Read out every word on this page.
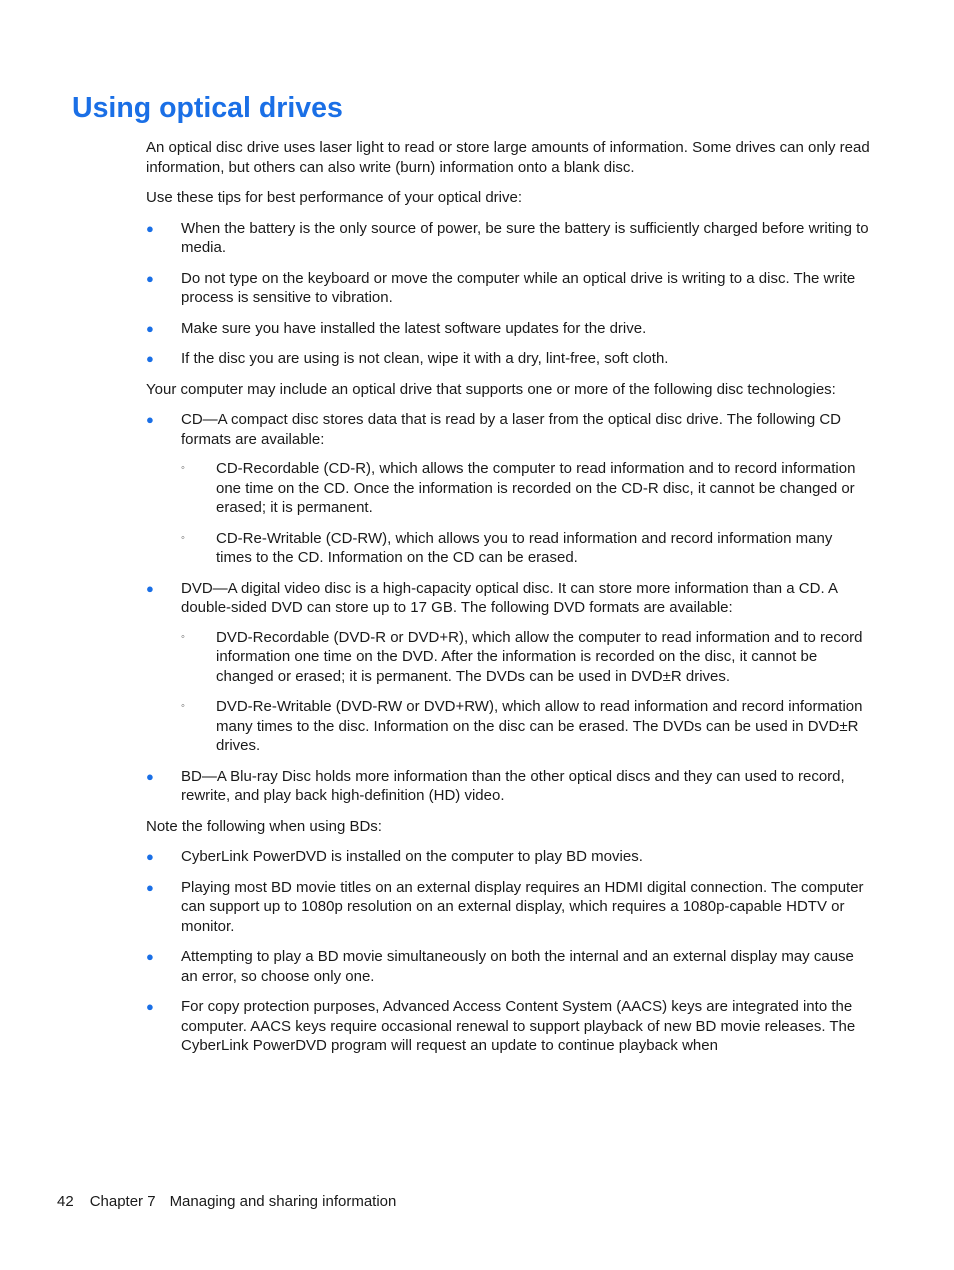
Using optical drives

An optical disc drive uses laser light to read or store large amounts of information. Some drives can only read information, but others can also write (burn) information onto a blank disc.

Use these tips for best performance of your optical drive:

● When the battery is the only source of power, be sure the battery is sufficiently charged before writing to media.
● Do not type on the keyboard or move the computer while an optical drive is writing to a disc. The write process is sensitive to vibration.
● Make sure you have installed the latest software updates for the drive.
● If the disc you are using is not clean, wipe it with a dry, lint-free, soft cloth.

Your computer may include an optical drive that supports one or more of the following disc technologies:

● CD—A compact disc stores data that is read by a laser from the optical disc drive. The following CD formats are available:
◦ CD-Recordable (CD-R), which allows the computer to read information and to record information one time on the CD. Once the information is recorded on the CD-R disc, it cannot be changed or erased; it is permanent.
◦ CD-Re-Writable (CD-RW), which allows you to read information and record information many times to the CD. Information on the CD can be erased.
● DVD—A digital video disc is a high-capacity optical disc. It can store more information than a CD. A double-sided DVD can store up to 17 GB. The following DVD formats are available:
◦ DVD-Recordable (DVD-R or DVD+R), which allow the computer to read information and to record information one time on the DVD. After the information is recorded on the disc, it cannot be changed or erased; it is permanent. The DVDs can be used in DVD±R drives.
◦ DVD-Re-Writable (DVD-RW or DVD+RW), which allow to read information and record information many times to the disc. Information on the disc can be erased. The DVDs can be used in DVD±R drives.
● BD—A Blu-ray Disc holds more information than the other optical discs and they can used to record, rewrite, and play back high-definition (HD) video.

Note the following when using BDs:

● CyberLink PowerDVD is installed on the computer to play BD movies.
● Playing most BD movie titles on an external display requires an HDMI digital connection. The computer can support up to 1080p resolution on an external display, which requires a 1080p-capable HDTV or monitor.
● Attempting to play a BD movie simultaneously on both the internal and an external display may cause an error, so choose only one.
● For copy protection purposes, Advanced Access Content System (AACS) keys are integrated into the computer. AACS keys require occasional renewal to support playback of new BD movie releases. The CyberLink PowerDVD program will request an update to continue playback when
42 Chapter 7 Managing and sharing information
